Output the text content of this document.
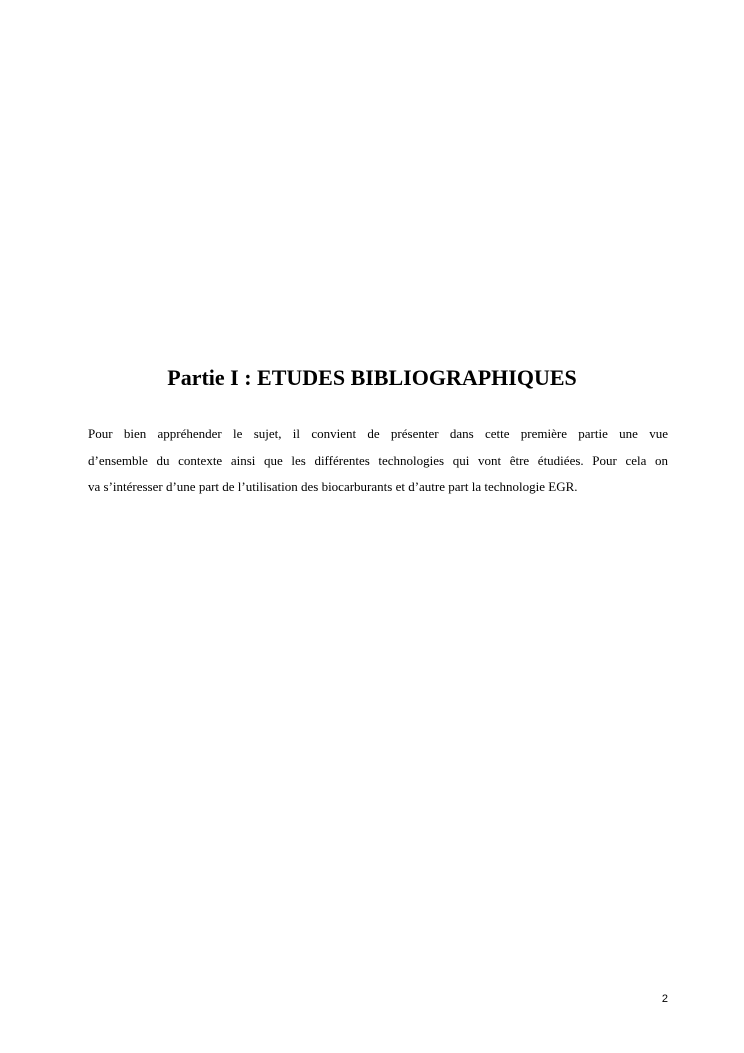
Partie I : ETUDES BIBLIOGRAPHIQUES
Pour bien appréhender le sujet, il convient de présenter dans cette première partie une vue
d’ensemble du contexte ainsi que les différentes technologies qui vont être étudiées. Pour cela on
va s’intéresser d’une part de l’utilisation des biocarburants et d’autre part la technologie EGR.
2
